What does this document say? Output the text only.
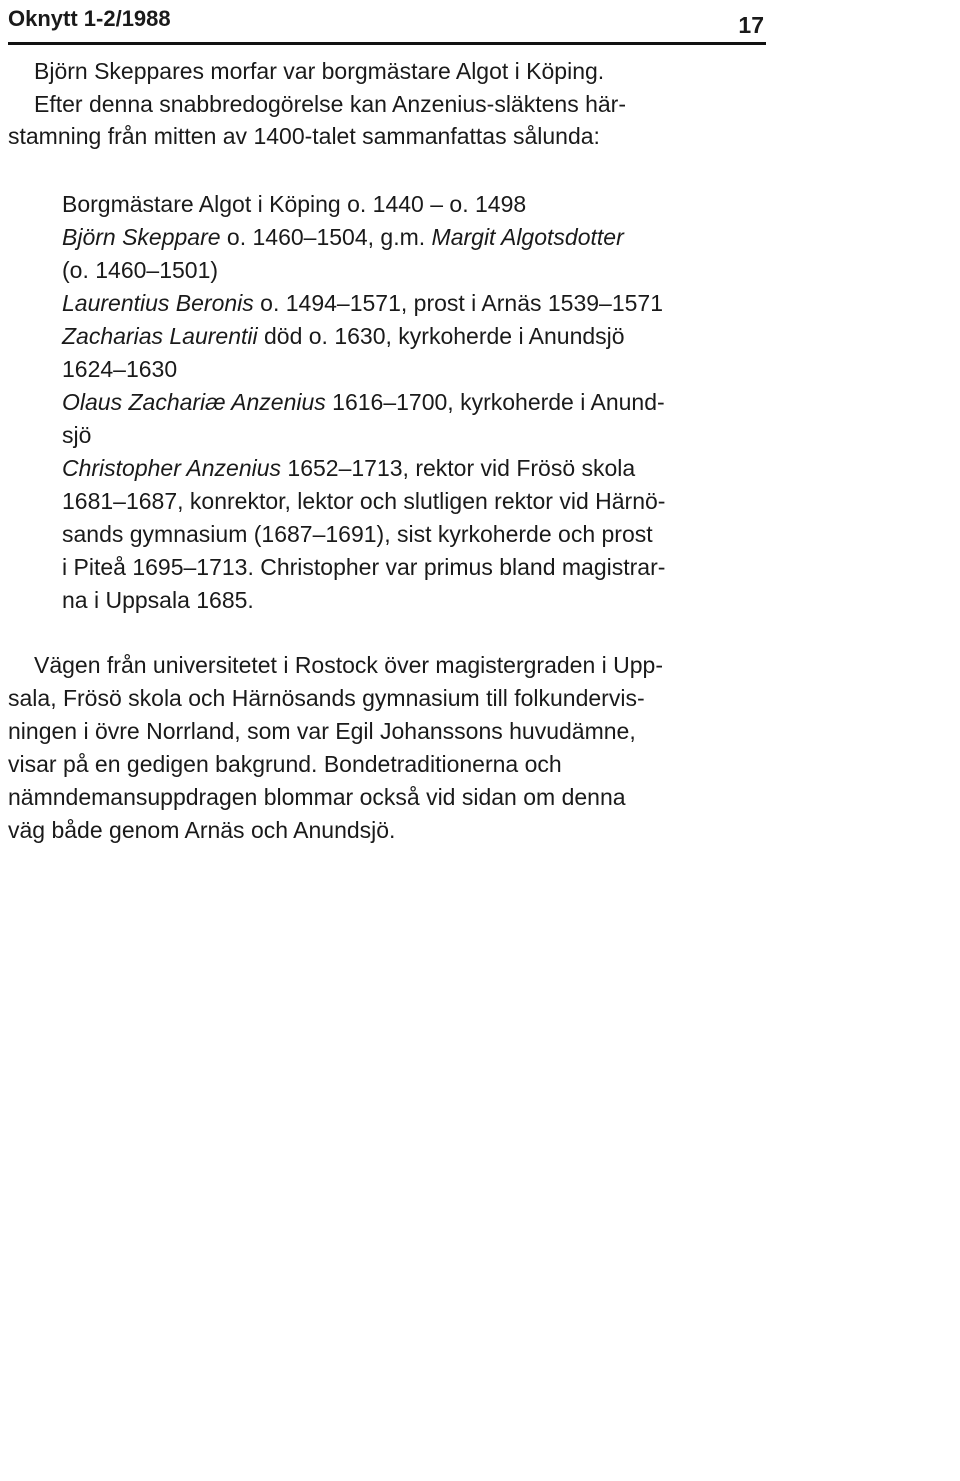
Oknytt 1-2/1988	17
Björn Skeppares morfar var borgmästare Algot i Köping.
Efter denna snabbredogörelse kan Anzenius-släktens här-
stamning från mitten av 1400-talet sammanfattas sålunda:
Borgmästare Algot i Köping o. 1440 – o. 1498
Björn Skeppare o. 1460–1504, g.m. Margit Algotsdotter
(o. 1460–1501)
Laurentius Beronis o. 1494–1571, prost i Arnäs 1539–1571
Zacharias Laurentii död o. 1630, kyrkoherde i Anundsjö
1624–1630
Olaus Zachariæ Anzenius 1616–1700, kyrkoherde i Anund-
sjö
Christopher Anzenius 1652–1713, rektor vid Frösö skola
1681–1687, konrektor, lektor och slutligen rektor vid Härnö-
sands gymnasium (1687–1691), sist kyrkoherde och prost
i Piteå 1695–1713. Christopher var primus bland magistrar-
na i Uppsala 1685.
Vägen från universitetet i Rostock över magistergraden i Upp-
sala, Frösö skola och Härnösands gymnasium till folkundervis-
ningen i övre Norrland, som var Egil Johanssons huvudämne,
visar på en gedigen bakgrund. Bondetraditionerna och
nämndemansuppdragen blommar också vid sidan om denna
väg både genom Arnäs och Anundsjö.
